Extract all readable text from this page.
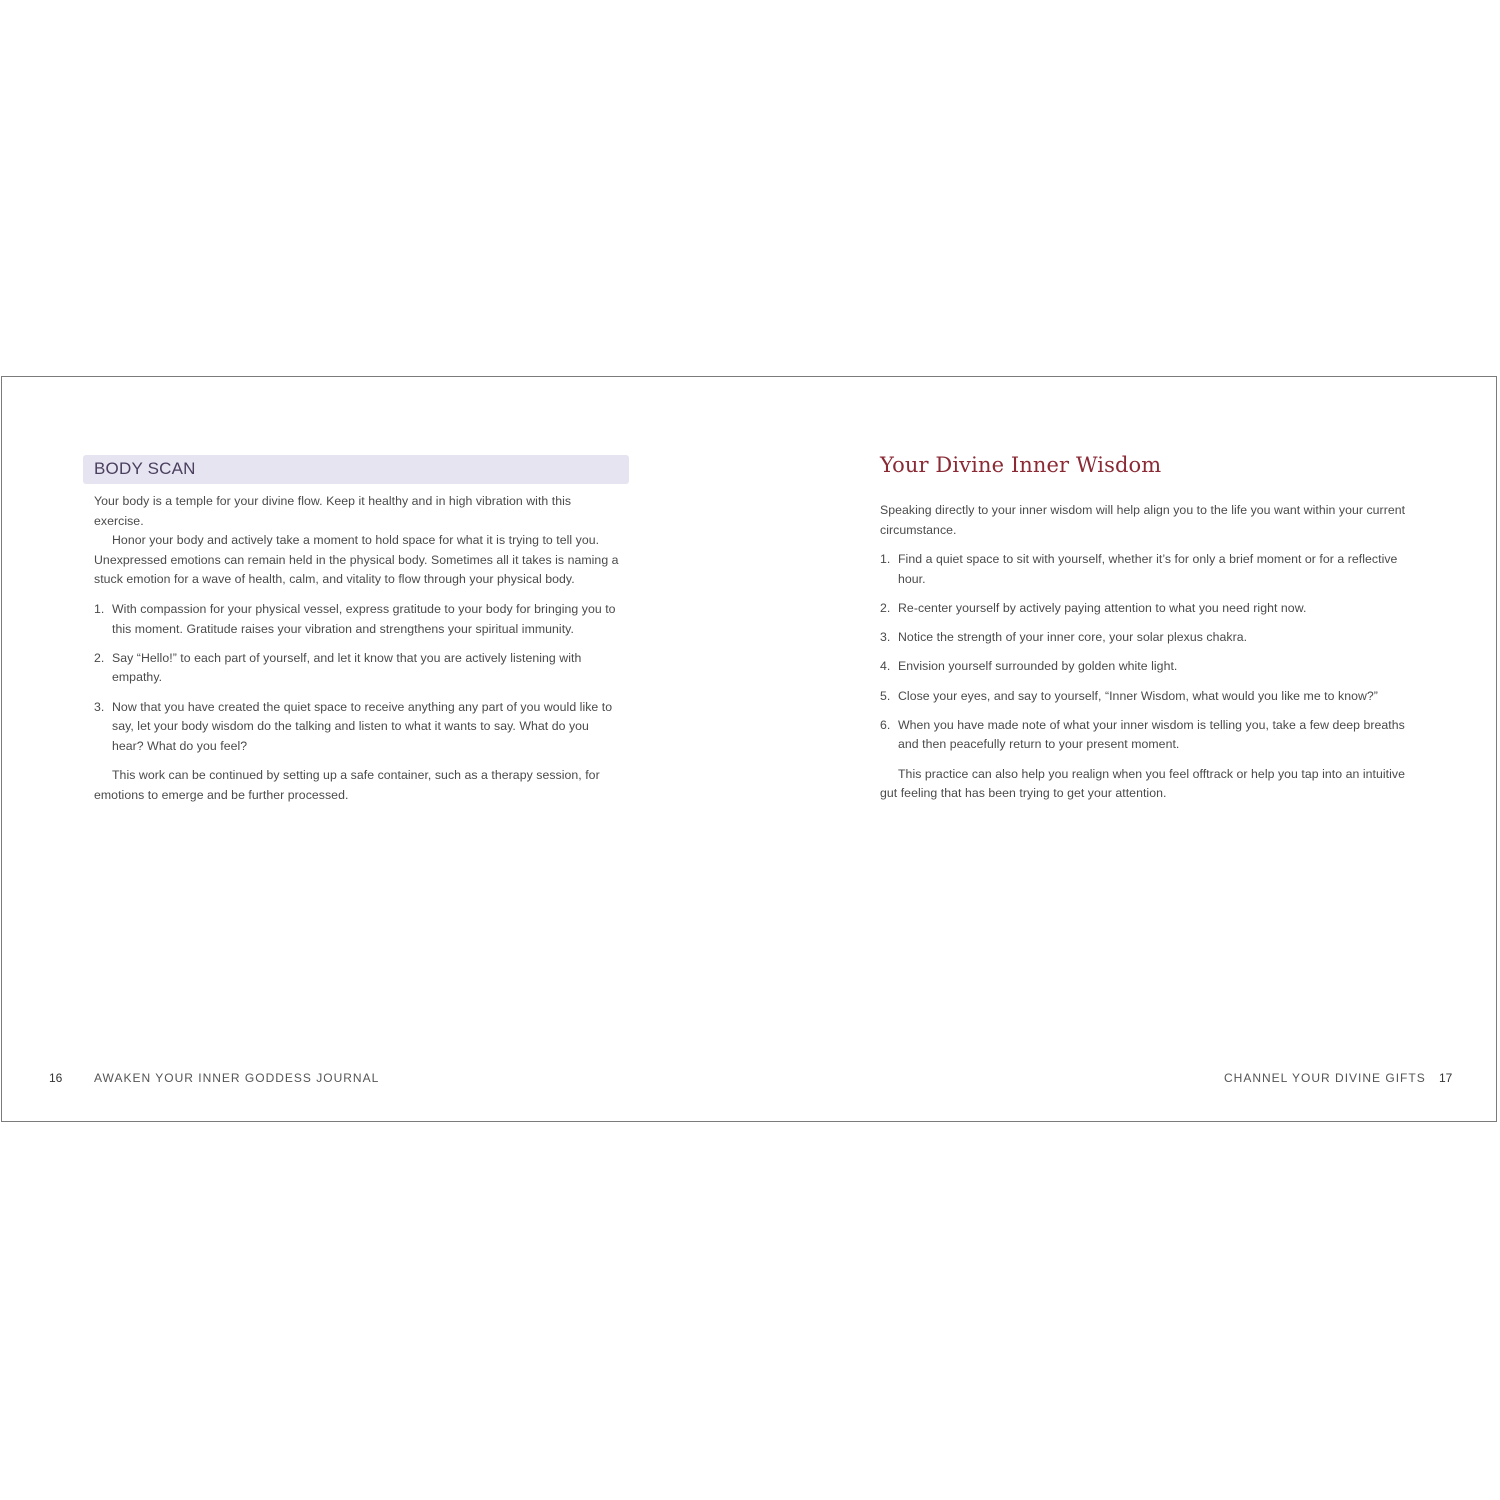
BODY SCAN

Your body is a temple for your divine flow. Keep it healthy and in high vibration with this exercise.

Honor your body and actively take a moment to hold space for what it is trying to tell you. Unexpressed emotions can remain held in the physical body. Sometimes all it takes is naming a stuck emotion for a wave of health, calm, and vitality to flow through your physical body.

1. With compassion for your physical vessel, express gratitude to your body for bringing you to this moment. Gratitude raises your vibration and strengthens your spiritual immunity.
2. Say “Hello!” to each part of yourself, and let it know that you are actively listening with empathy.
3. Now that you have created the quiet space to receive anything any part of you would like to say, let your body wisdom do the talking and listen to what it wants to say. What do you hear? What do you feel?

This work can be continued by setting up a safe container, such as a therapy session, for emotions to emerge and be further processed.

16	AWAKEN YOUR INNER GODDESS JOURNAL
Your Divine Inner Wisdom

Speaking directly to your inner wisdom will help align you to the life you want within your current circumstance.

1. Find a quiet space to sit with yourself, whether it’s for only a brief moment or for a reflective hour.
2. Re-center yourself by actively paying attention to what you need right now.
3. Notice the strength of your inner core, your solar plexus chakra.
4. Envision yourself surrounded by golden white light.
5. Close your eyes, and say to yourself, “Inner Wisdom, what would you like me to know?”
6. When you have made note of what your inner wisdom is telling you, take a few deep breaths and then peacefully return to your present moment.

This practice can also help you realign when you feel offtrack or help you tap into an intuitive gut feeling that has been trying to get your attention.

CHANNEL YOUR DIVINE GIFTS 17
